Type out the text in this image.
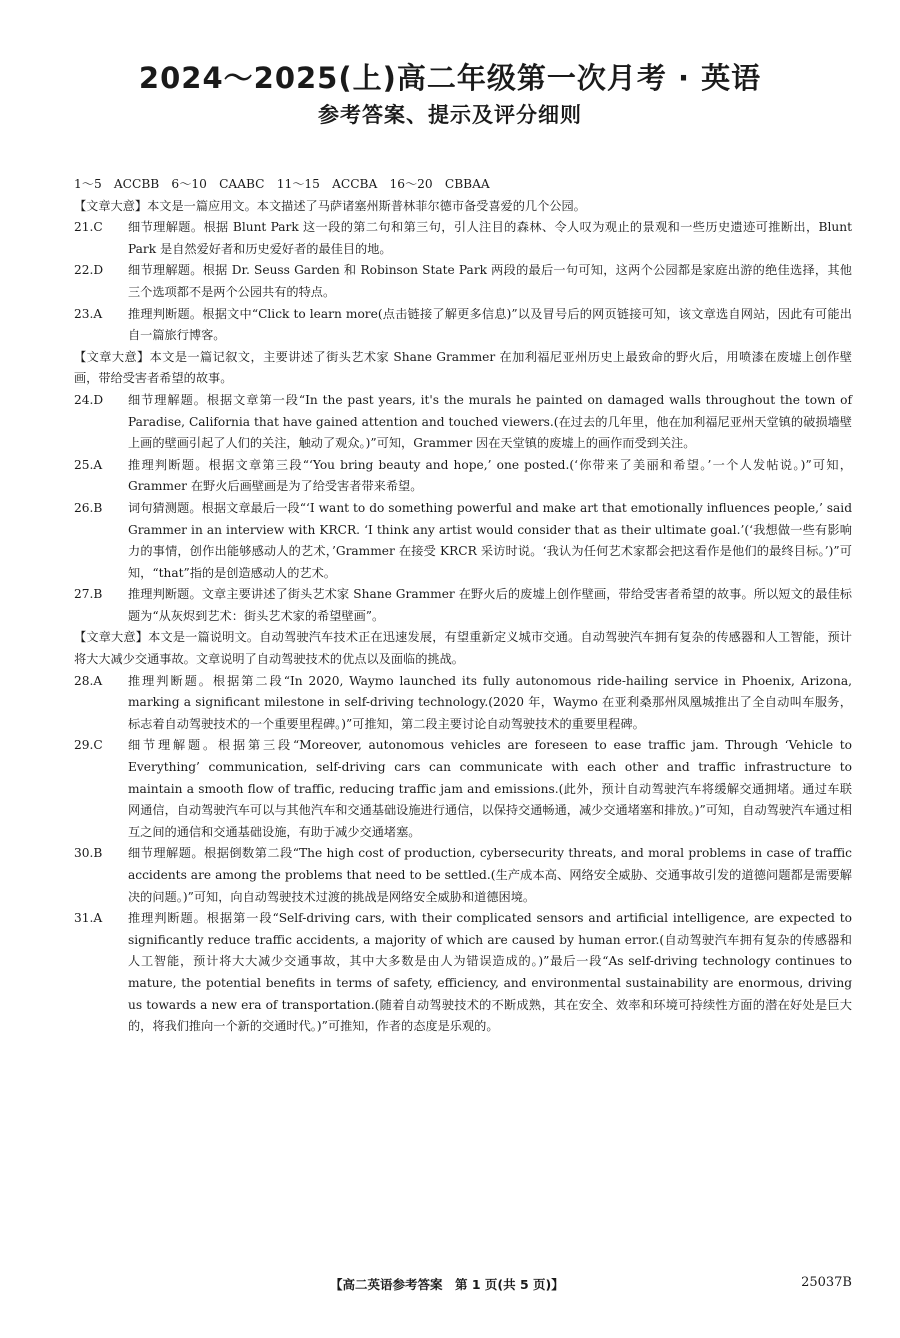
2024～2025(上)高二年级第一次月考 · 英语
参考答案、提示及评分细则
1～5　ACCBB　6～10　CAABC　11～15　ACCBA　16～20　CBBAA
【文章大意】本文是一篇应用文。本文描述了马萨诸塞州斯普林菲尔德市备受喜爱的几个公园。
21.C	细节理解题。根据 Blunt Park 这一段的第二句和第三句，引人注目的森林、令人叹为观止的景观和一些历史遗迹可推断出，Blunt Park 是自然爱好者和历史爱好者的最佳目的地。
22.D	细节理解题。根据 Dr. Seuss Garden 和 Robinson State Park 两段的最后一句可知，这两个公园都是家庭出游的绝佳选择，其他三个选项都不是两个公园共有的特点。
23.A	推理判断题。根据文中“Click to learn more(点击链接了解更多信息)”以及冒号后的网页链接可知，该文章选自网站，因此有可能出自一篇旅行博客。
【文章大意】本文是一篇记叙文，主要讲述了街头艺术家 Shane Grammer 在加利福尼亚州历史上最致命的野火后，用喷漆在废墟上创作壁画，带给受害者希望的故事。
24.D	细节理解题。根据文章第一段“In the past years, it's the murals he painted on damaged walls throughout the town of Paradise, California that have gained attention and touched viewers.(在过去的几年里，他在加利福尼亚州天堂镇的破损墙壁上画的壁画引起了人们的关注，触动了观众。)”可知，Grammer 因在天堂镇的废墟上的画作而受到关注。
25.A	推理判断题。根据文章第三段“‘You bring beauty and hope,’ one posted.(‘你带来了美丽和希望。’一个人发帖说。)”可知，Grammer 在野火后画壁画是为了给受害者带来希望。
26.B	词句猜测题。根据文章最后一段“‘I want to do something powerful and make art that emotionally influences people,’ said Grammer in an interview with KRCR. ‘I think any artist would consider that as their ultimate goal.’(‘我想做一些有影响力的事情，创作出能够感动人的艺术，’Grammer 在接受 KRCR 采访时说。‘我认为任何艺术家都会把这看作是他们的最终目标。’)”可知，“that”指的是创造感动人的艺术。
27.B	推理判断题。文章主要讲述了街头艺术家 Shane Grammer 在野火后的废墟上创作壁画，带给受害者希望的故事。所以短文的最佳标题为“从灰烬到艺术：街头艺术家的希望壁画”。
【文章大意】本文是一篇说明文。自动驾驶汽车技术正在迅速发展，有望重新定义城市交通。自动驾驶汽车拥有复杂的传感器和人工智能，预计将大大减少交通事故。文章说明了自动驾驶技术的优点以及面临的挑战。
28.A	推理判断题。根据第二段“In 2020, Waymo launched its fully autonomous ride-hailing service in Phoenix, Arizona, marking a significant milestone in self-driving technology.(2020 年，Waymo 在亚利桑那州凤凰城推出了全自动叫车服务，标志着自动驾驶技术的一个重要里程碑。)”可推知，第二段主要讨论自动驾驶技术的重要里程碑。
29.C	细节理解题。根据第三段“Moreover, autonomous vehicles are foreseen to ease traffic jam. Through ‘Vehicle to Everything’ communication, self-driving cars can communicate with each other and traffic infrastructure to maintain a smooth flow of traffic, reducing traffic jam and emissions.(此外，预计自动驾驶汽车将缓解交通拥堵。通过车联网通信，自动驾驶汽车可以与其他汽车和交通基础设施进行通信，以保持交通畅通，减少交通堵塞和排放。)”可知，自动驾驶汽车通过相互之间的通信和交通基础设施，有助于减少交通堵塞。
30.B	细节理解题。根据倒数第二段“The high cost of production, cybersecurity threats, and moral problems in case of traffic accidents are among the problems that need to be settled.(生产成本高、网络安全威胁、交通事故引发的道德问题都是需要解决的问题。)”可知，向自动驾驶技术过渡的挑战是网络安全威胁和道德困境。
31.A	推理判断题。根据第一段“Self-driving cars, with their complicated sensors and artificial intelligence, are expected to significantly reduce traffic accidents, a majority of which are caused by human error.(自动驾驶汽车拥有复杂的传感器和人工智能，预计将大大减少交通事故，其中大多数是由人为错误造成的。)”最后一段“As self-driving technology continues to mature, the potential benefits in terms of safety, efficiency, and environmental sustainability are enormous, driving us towards a new era of transportation.(随着自动驾驶技术的不断成熟，其在安全、效率和环境可持续性方面的潜在好处是巨大的，将我们推向一个新的交通时代。)”可推知，作者的态度是乐观的。
【高二英语参考答案　第 1 页(共 5 页)】	25037B
